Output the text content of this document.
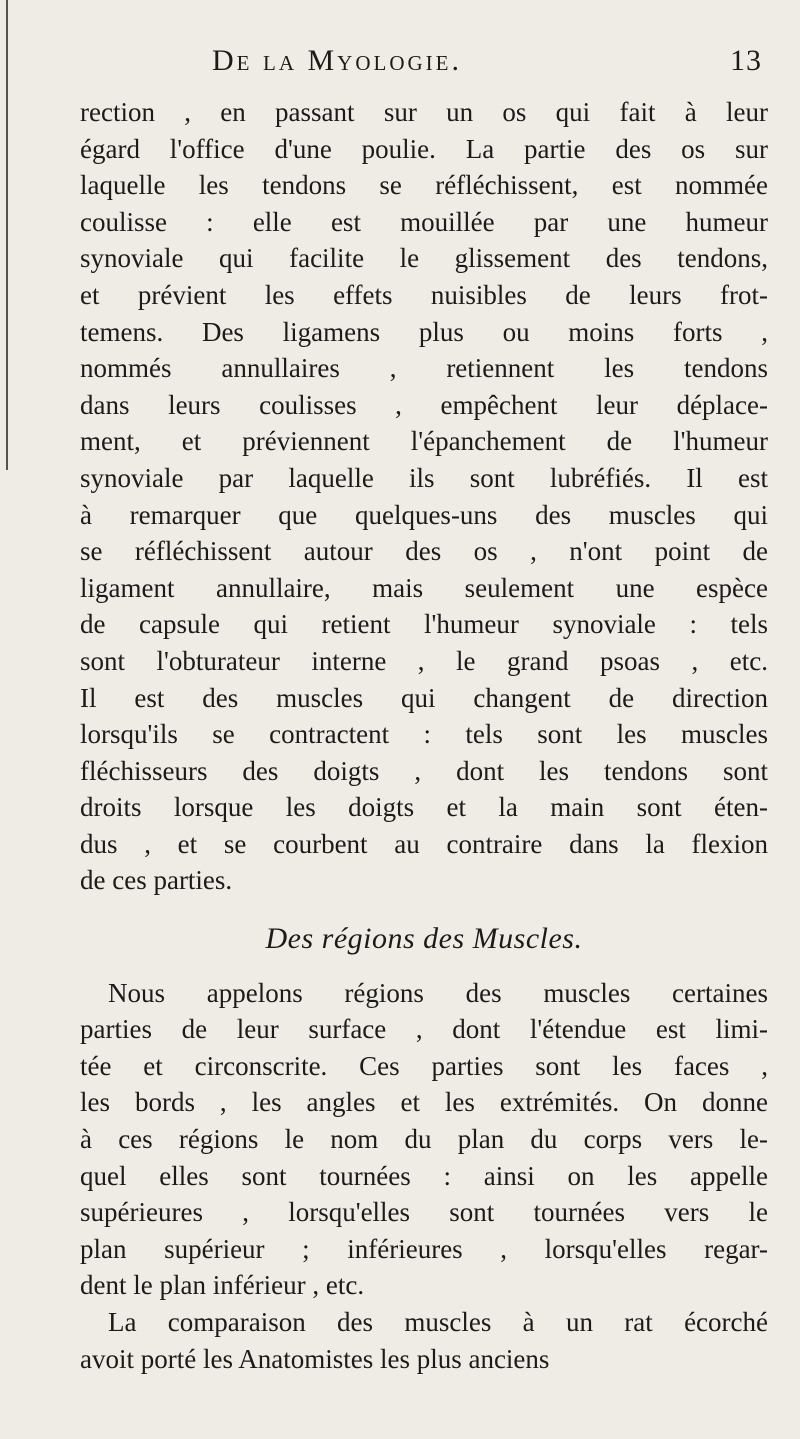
De la Myologie.	13
rection , en passant sur un os qui fait à leur
égard l'office d'une poulie. La partie des os sur
laquelle les tendons se réfléchissent, est nommée
coulisse : elle est mouillée par une humeur
synoviale qui facilite le glissement des tendons,
et prévient les effets nuisibles de leurs frot-
temens. Des ligamens plus ou moins forts ,
nommés annullaires , retiennent les tendons
dans leurs coulisses , empêchent leur déplace-
ment, et préviennent l'épanchement de l'humeur
synoviale par laquelle ils sont lubréfiés. Il est
à remarquer que quelques-uns des muscles qui
se réfléchissent autour des os , n'ont point de
ligament annullaire, mais seulement une espèce
de capsule qui retient l'humeur synoviale : tels
sont l'obturateur interne , le grand psoas , etc.
Il est des muscles qui changent de direction
lorsqu'ils se contractent : tels sont les muscles
fléchisseurs des doigts , dont les tendons sont
droits lorsque les doigts et la main sont éten-
dus , et se courbent au contraire dans la flexion
de ces parties.
Des régions des Muscles.
Nous appelons régions des muscles certaines
parties de leur surface , dont l'étendue est limi-
tée et circonscrite. Ces parties sont les faces ,
les bords , les angles et les extrémités. On donne
à ces régions le nom du plan du corps vers le-
quel elles sont tournées : ainsi on les appelle
supérieures , lorsqu'elles sont tournées vers le
plan supérieur ; inférieures , lorsqu'elles regar-
dent le plan inférieur , etc.
La comparaison des muscles à un rat écorché
avoit porté les Anatomistes les plus anciens
